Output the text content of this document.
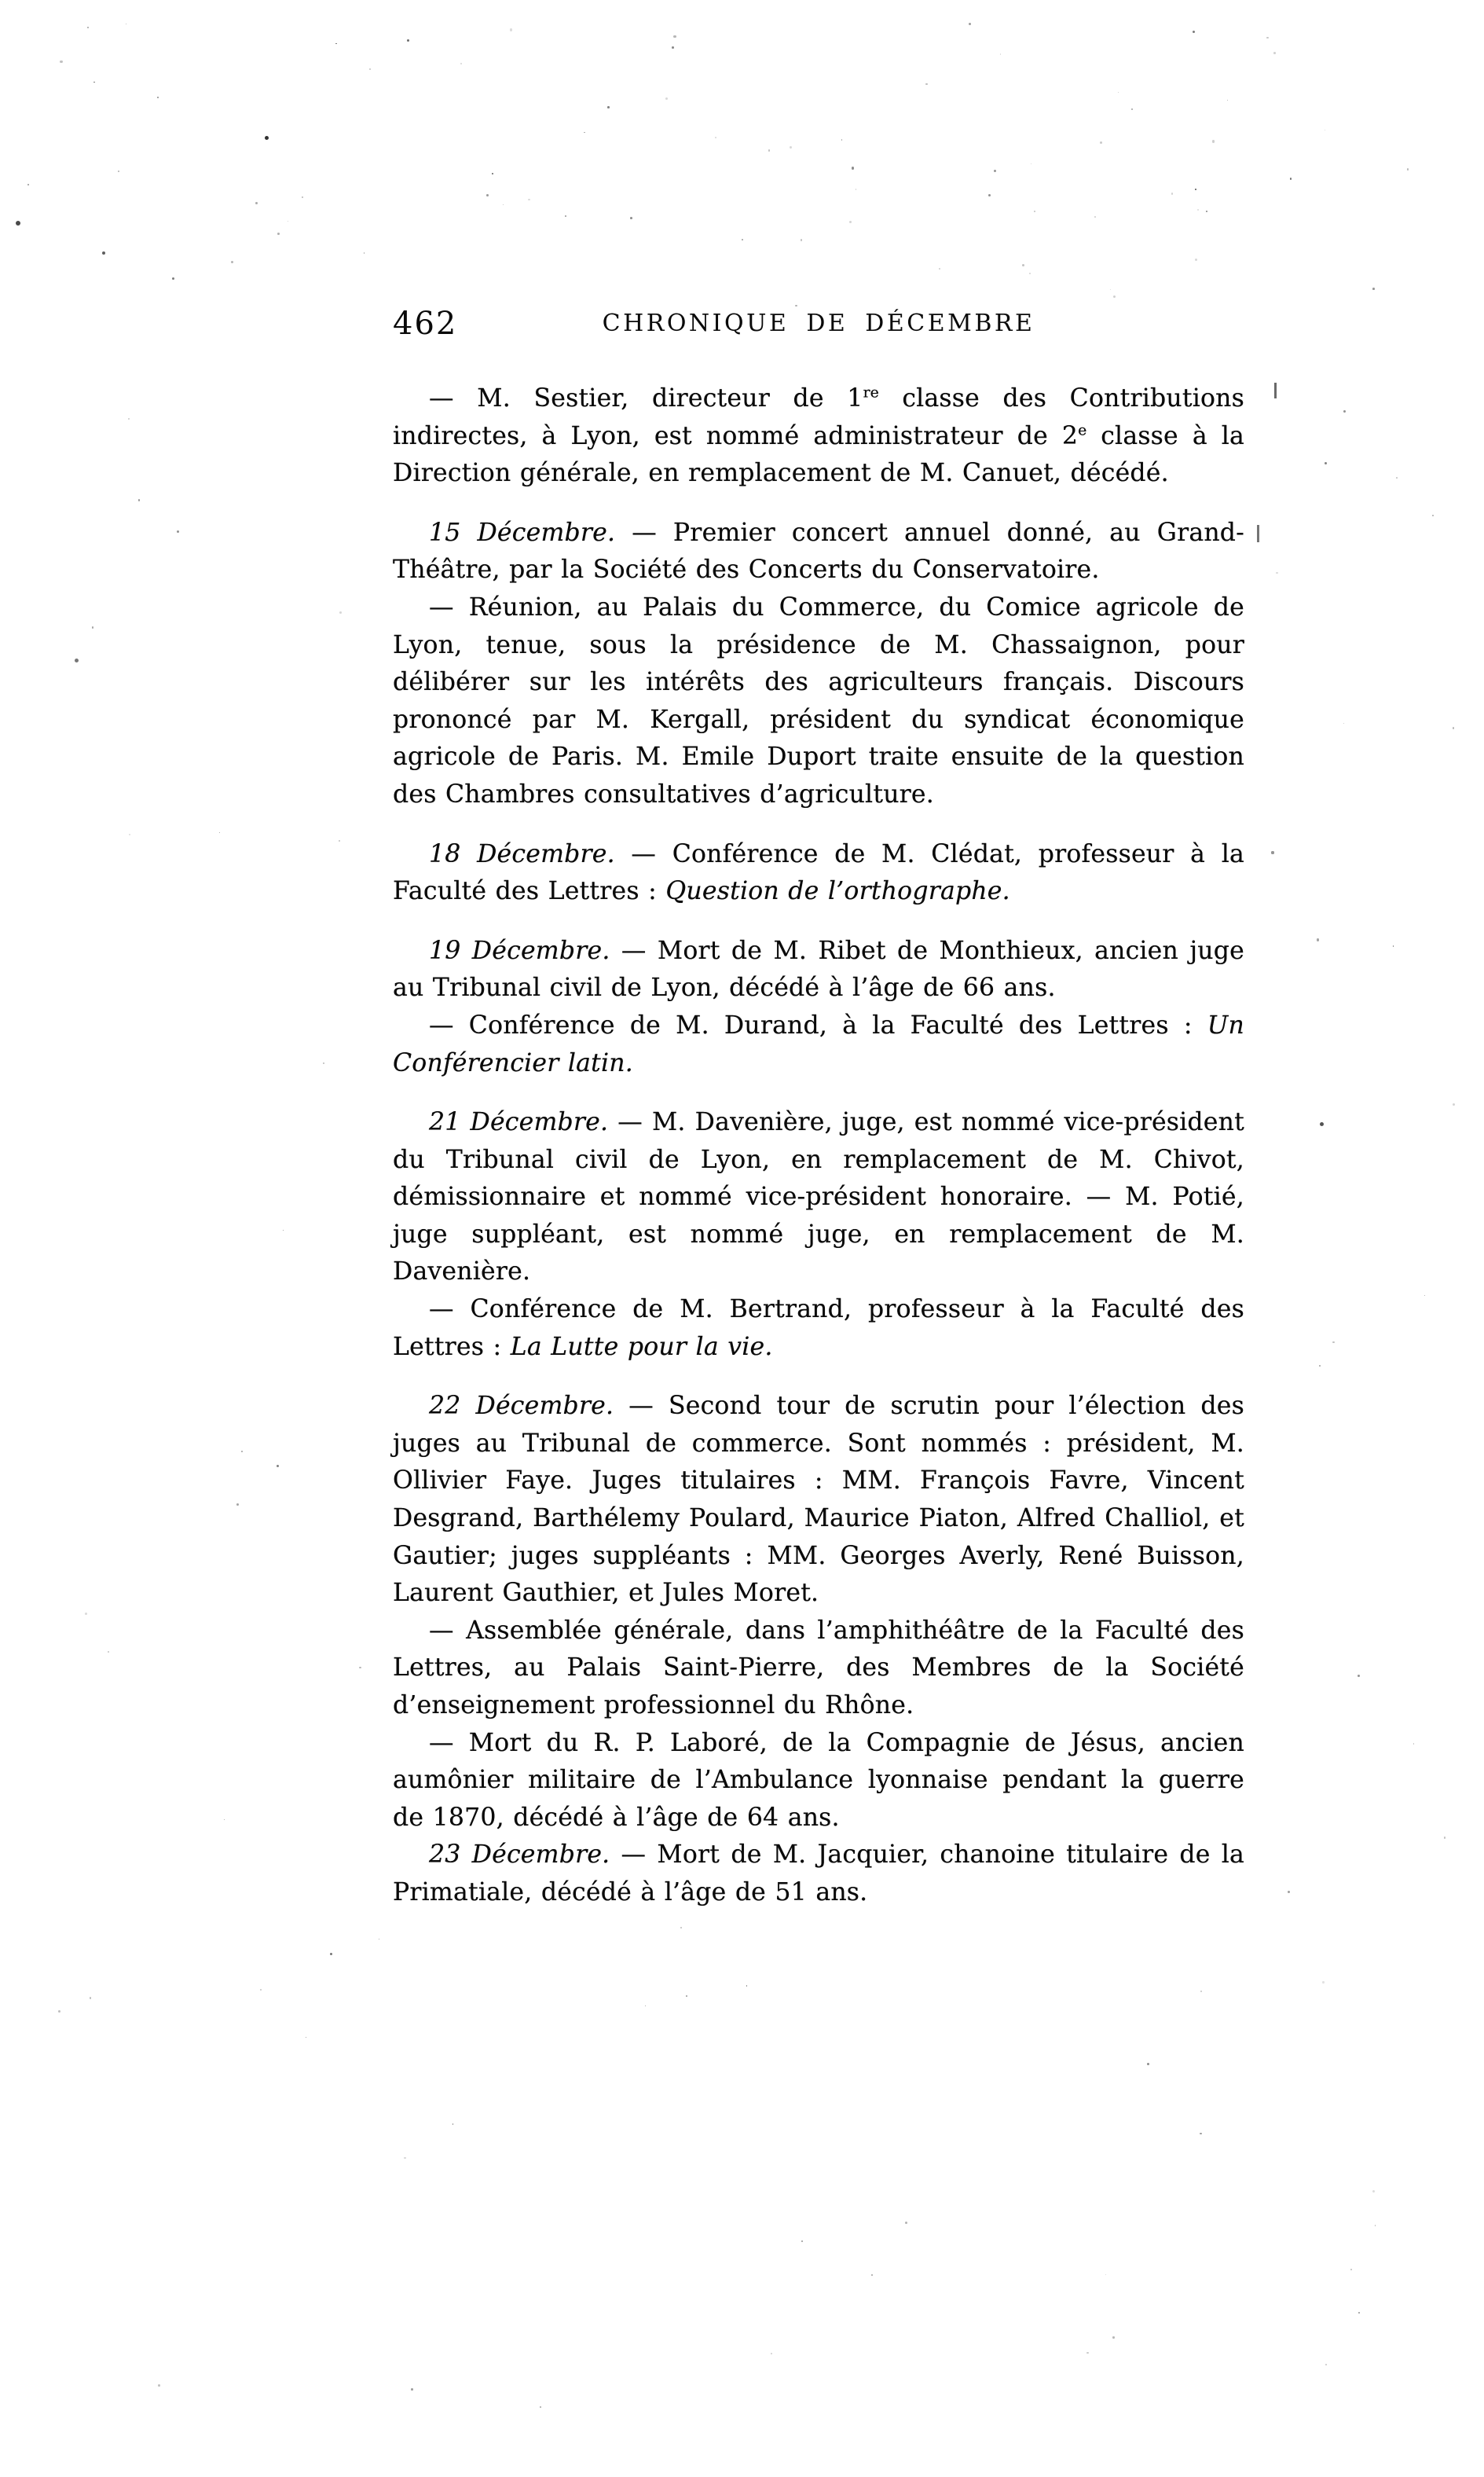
462	CHRONIQUE DE DÉCEMBRE

— M. Sestier, directeur de 1re classe des Contributions indirectes, à Lyon, est nommé administrateur de 2e classe à la Direction générale, en remplacement de M. Canuet, décédé.

15 Décembre. — Premier concert annuel donné, au Grand-Théâtre, par la Société des Concerts du Conservatoire.

— Réunion, au Palais du Commerce, du Comice agricole de Lyon, tenue, sous la présidence de M. Chassaignon, pour délibérer sur les intérêts des agriculteurs français. Discours prononcé par M. Kergall, président du syndicat économique agricole de Paris. M. Emile Duport traite ensuite de la question des Chambres consultatives d’agriculture.

18 Décembre. — Conférence de M. Clédat, professeur à la Faculté des Lettres : Question de l’orthographe.

19 Décembre. — Mort de M. Ribet de Monthieux, ancien juge au Tribunal civil de Lyon, décédé à l’âge de 66 ans.

— Conférence de M. Durand, à la Faculté des Lettres : Un Conférencier latin.

21 Décembre. — M. Davenière, juge, est nommé vice-président du Tribunal civil de Lyon, en remplacement de M. Chivot, démissionnaire et nommé vice-président honoraire. — M. Potié, juge suppléant, est nommé juge, en remplacement de M. Davenière.

— Conférence de M. Bertrand, professeur à la Faculté des Lettres : La Lutte pour la vie.

22 Décembre. — Second tour de scrutin pour l’élection des juges au Tribunal de commerce. Sont nommés : président, M. Ollivier Faye. Juges titulaires : MM. François Favre, Vincent Desgrand, Barthélemy Poulard, Maurice Piaton, Alfred Challiol, et Gautier; juges suppléants : MM. Georges Averly, René Buisson, Laurent Gauthier, et Jules Moret.

— Assemblée générale, dans l’amphithéâtre de la Faculté des Lettres, au Palais Saint-Pierre, des Membres de la Société d’enseignement professionnel du Rhône.

— Mort du R. P. Laboré, de la Compagnie de Jésus, ancien aumônier militaire de l’Ambulance lyonnaise pendant la guerre de 1870, décédé à l’âge de 64 ans.

23 Décembre. — Mort de M. Jacquier, chanoine titulaire de la Primatiale, décédé à l’âge de 51 ans.
